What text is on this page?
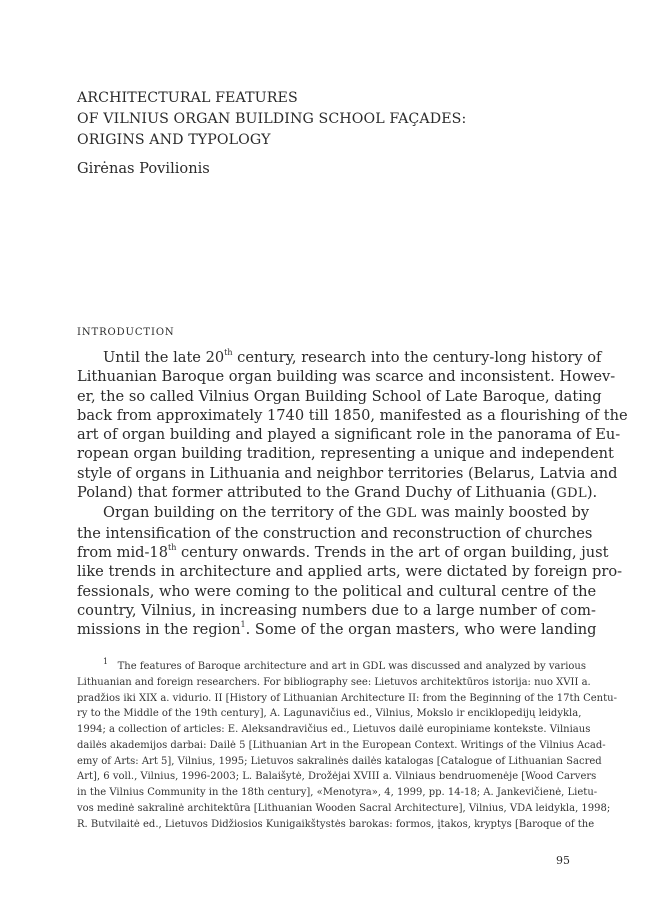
ARCHITECTURAL FEATURES
OF VILNIUS ORGAN BUILDING SCHOOL FAÇADES:
ORIGINS AND TYPOLOGY
Girėnas Povilionis
INTRODUCTION
Until the late 20th century, research into the century-long history of
Lithuanian Baroque organ building was scarce and inconsistent. Howev-
er, the so called Vilnius Organ Building School of Late Baroque, dating
back from approximately 1740 till 1850, manifested as a flourishing of the
art of organ building and played a significant role in the panorama of Eu-
ropean organ building tradition, representing a unique and independent
style of organs in Lithuania and neighbor territories (Belarus, Latvia and
Poland) that former attributed to the Grand Duchy of Lithuania (GDL).
Organ building on the territory of the GDL was mainly boosted by
the intensification of the construction and reconstruction of churches
from mid-18th century onwards. Trends in the art of organ building, just
like trends in architecture and applied arts, were dictated by foreign pro-
fessionals, who were coming to the political and cultural centre of the
country, Vilnius, in increasing numbers due to a large number of com-
missions in the region$^1$. Some of the organ masters, who were landing
$^1$ The features of Baroque architecture and art in GDL was discussed and analyzed by various
Lithuanian and foreign researchers. For bibliography see: Lietuvos architektūros istorija: nuo XVII a.
pradžios iki XIX a. vidurio. II [History of Lithuanian Architecture II: from the Beginning of the 17th Centu-
ry to the Middle of the 19th century], A. Lagunavičius ed., Vilnius, Mokslo ir enciklopedijų leidykla,
1994; a collection of articles: E. Aleksandravičius ed., Lietuvos dailė europiniame kontekste. Vilniaus
dailės akademijos darbai: Dailė 5 [Lithuanian Art in the European Context. Writings of the Vilnius Acad-
emy of Arts: Art 5], Vilnius, 1995; Lietuvos sakralinės dailės katalogas [Catalogue of Lithuanian Sacred
Art], 6 voll., Vilnius, 1996-2003; L. Balaišytė, Drožėjai XVIII a. Vilniaus bendruomenėje [Wood Carvers
in the Vilnius Community in the 18th century], «Menotyra», 4, 1999, pp. 14-18; A. Jankevičienė, Lietu-
vos medinė sakralinė architektūra [Lithuanian Wooden Sacral Architecture], Vilnius, VDA leidykla, 1998;
R. Butvilaitė ed., Lietuvos Didžiosios Kunigaikštystės barokas: formos, įtakos, kryptys [Baroque of the
95
